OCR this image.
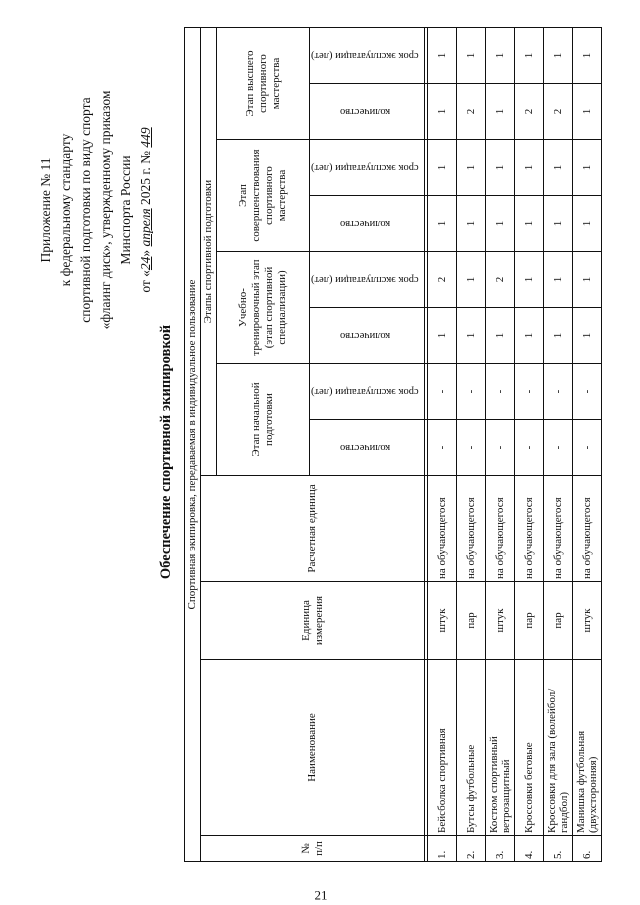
21
Приложение № 11 к федеральному стандарту спортивной подготовки по виду спорта «флаинг диск», утвержденному приказом Минспорта России
от «24» апреля 2025 г. № 449
Обеспечение спортивной экипировкой Спортивная экипировка, передаваемая в индивидуальное пользование											
№ п/п	Наименование	Единица измерения	Расчетная единица	Этапы спортивной подготовки							
				Этап начальной подготовки		Учебно-тренировочный этап (этап спортивной специализации)		Этап совершенствования спортивного мастерства		Этап высшего спортивного мастерства	
				количество	срок эксплуатации (лет)	количество	срок эксплуатации (лет)	количество	срок эксплуатации (лет)	количество	срок эксплуатации (лет)

1.	Бейсболка спортивная	штук	на обучающегося	-	-	1	2	1	1	1	1
2.	Бутсы футбольные	пар	на обучающегося	-	-	1	1	1	1	2	1
3.	Костюм спортивный ветрозащитный	штук	на обучающегося	-	-	1	2	1	1	1	1
4.	Кроссовки беговые	пар	на обучающегося	-	-	1	1	1	1	2	1
5.	Кроссовки для зала (волейбол/гандбол)	пар	на обучающегося	-	-	1	1	1	1	2	1
6.	Манишка футбольная (двухсторонняя)	штук	на обучающегося	-	-	1	1	1	1	1	1
